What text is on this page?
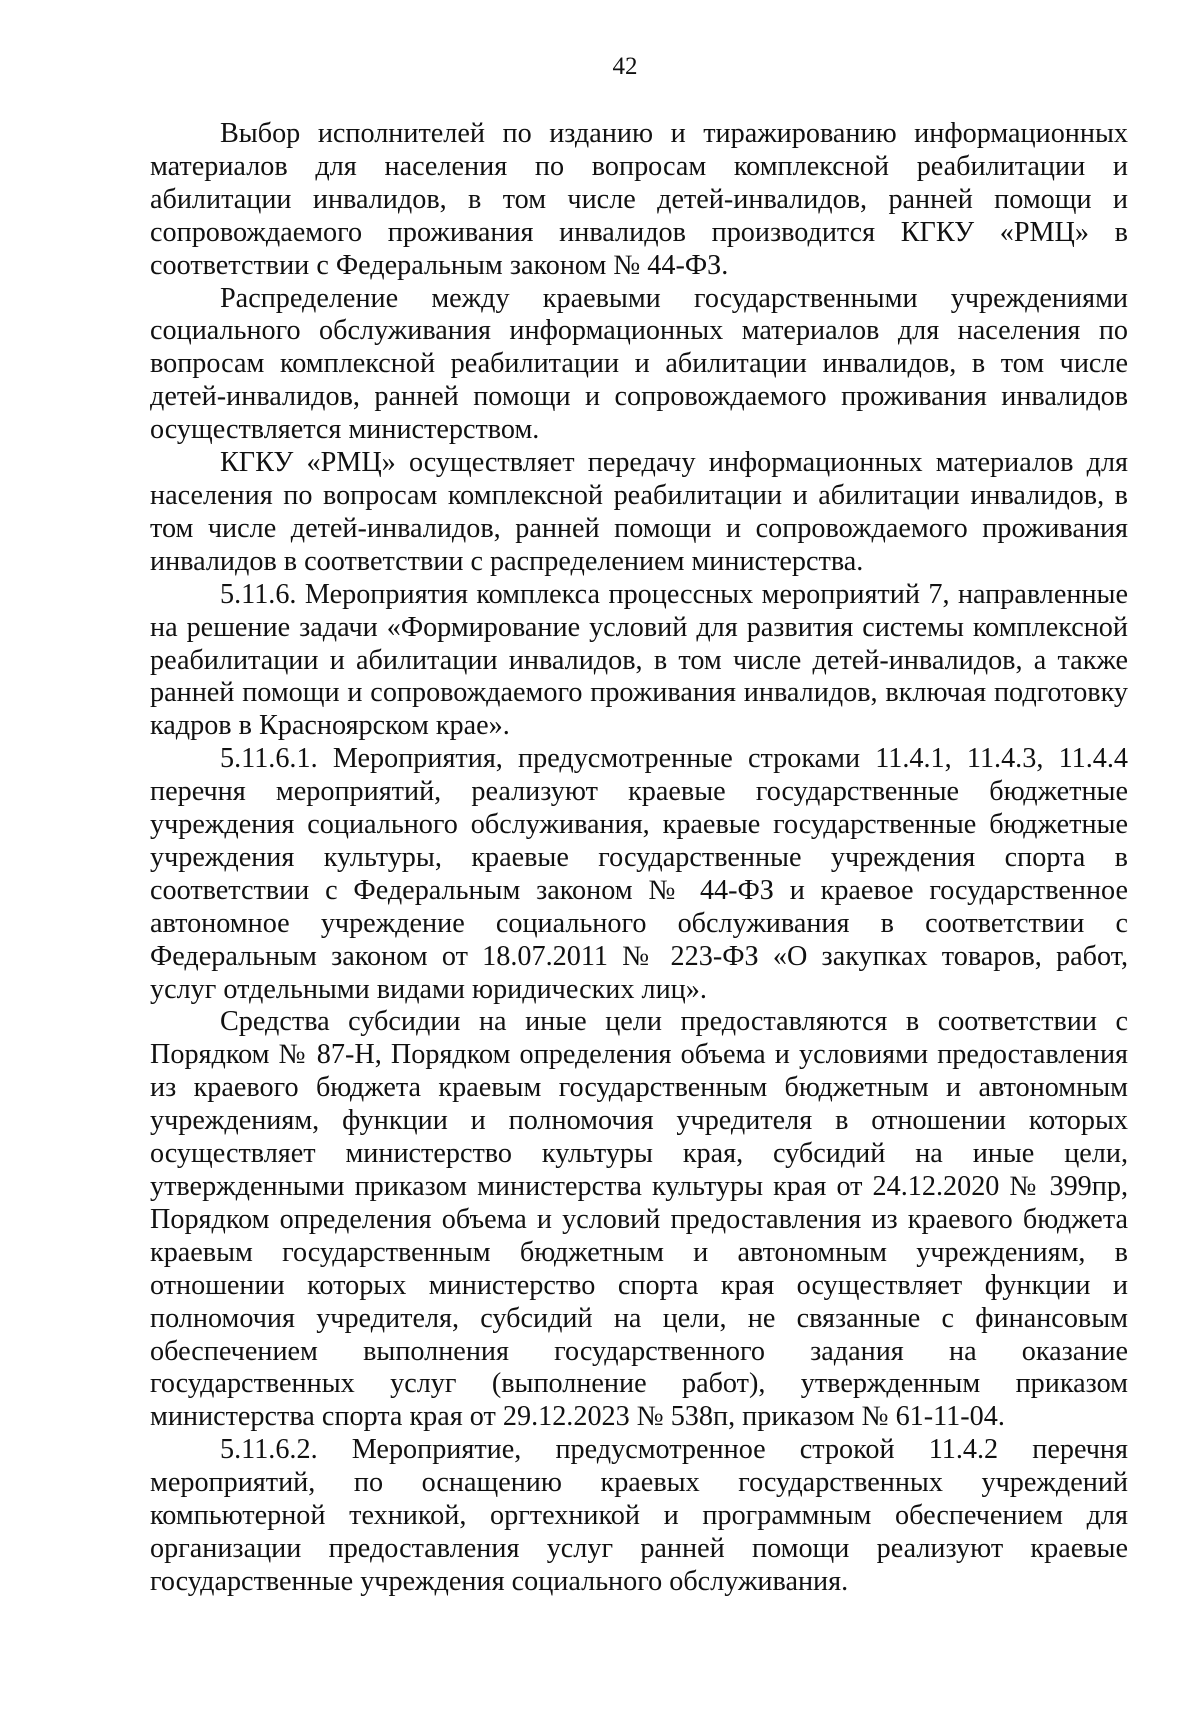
42

Выбор исполнителей по изданию и тиражированию информационных материалов для населения по вопросам комплексной реабилитации и абилитации инвалидов, в том числе детей-инвалидов, ранней помощи и сопровождаемого проживания инвалидов производится КГКУ «РМЦ» в соответствии с Федеральным законом № 44-ФЗ.

Распределение между краевыми государственными учреждениями социального обслуживания информационных материалов для населения по вопросам комплексной реабилитации и абилитации инвалидов, в том числе детей-инвалидов, ранней помощи и сопровождаемого проживания инвалидов осуществляется министерством.

КГКУ «РМЦ» осуществляет передачу информационных материалов для населения по вопросам комплексной реабилитации и абилитации инвалидов, в том числе детей-инвалидов, ранней помощи и сопровождаемого проживания инвалидов в соответствии с распределением министерства.

5.11.6. Мероприятия комплекса процессных мероприятий 7, направленные на решение задачи «Формирование условий для развития системы комплексной реабилитации и абилитации инвалидов, в том числе детей-инвалидов, а также ранней помощи и сопровождаемого проживания инвалидов, включая подготовку кадров в Красноярском крае».

5.11.6.1. Мероприятия, предусмотренные строками 11.4.1, 11.4.3, 11.4.4 перечня мероприятий, реализуют краевые государственные бюджетные учреждения социального обслуживания, краевые государственные бюджетные учреждения культуры, краевые государственные учреждения спорта в соответствии с Федеральным законом № 44-ФЗ и краевое государственное автономное учреждение социального обслуживания в соответствии с Федеральным законом от 18.07.2011 № 223-ФЗ «О закупках товаров, работ, услуг отдельными видами юридических лиц».

Средства субсидии на иные цели предоставляются в соответствии с Порядком № 87-Н, Порядком определения объема и условиями предоставления из краевого бюджета краевым государственным бюджетным и автономным учреждениям, функции и полномочия учредителя в отношении которых осуществляет министерство культуры края, субсидий на иные цели, утвержденными приказом министерства культуры края от 24.12.2020 № 399пр, Порядком определения объема и условий предоставления из краевого бюджета краевым государственным бюджетным и автономным учреждениям, в отношении которых министерство спорта края осуществляет функции и полномочия учредителя, субсидий на цели, не связанные с финансовым обеспечением выполнения государственного задания на оказание государственных услуг (выполнение работ), утвержденным приказом министерства спорта края от 29.12.2023 № 538п, приказом № 61-11-04.

5.11.6.2. Мероприятие, предусмотренное строкой 11.4.2 перечня мероприятий, по оснащению краевых государственных учреждений компьютерной техникой, оргтехникой и программным обеспечением для организации предоставления услуг ранней помощи реализуют краевые государственные учреждения социального обслуживания.
